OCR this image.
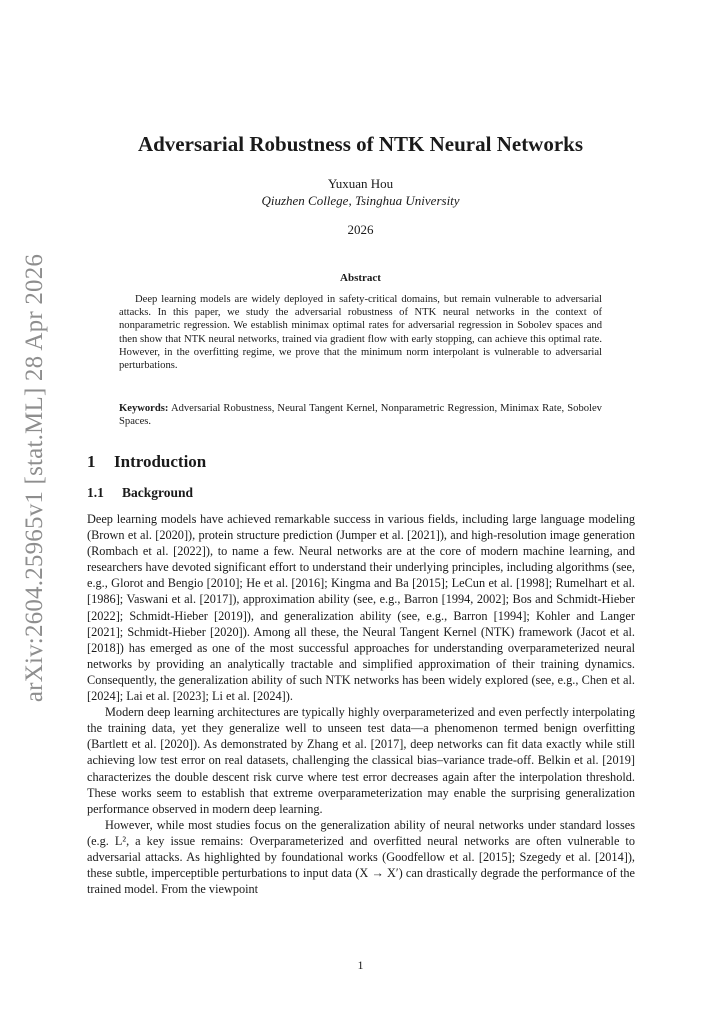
arXiv:2604.25965v1 [stat.ML] 28 Apr 2026
Adversarial Robustness of NTK Neural Networks
Yuxuan Hou
Qiuzhen College, Tsinghua University
2026
Abstract
Deep learning models are widely deployed in safety-critical domains, but remain vulnerable to adversarial attacks. In this paper, we study the adversarial robustness of NTK neural networks in the context of nonparametric regression. We establish minimax optimal rates for adversarial regression in Sobolev spaces and then show that NTK neural networks, trained via gradient flow with early stopping, can achieve this optimal rate. However, in the overfitting regime, we prove that the minimum norm interpolant is vulnerable to adversarial perturbations.
Keywords: Adversarial Robustness, Neural Tangent Kernel, Nonparametric Regression, Minimax Rate, Sobolev Spaces.
1 Introduction
1.1 Background

Deep learning models have achieved remarkable success in various fields, including large language modeling (Brown et al. [2020]), protein structure prediction (Jumper et al. [2021]), and high-resolution image generation (Rombach et al. [2022]), to name a few. Neural networks are at the core of modern machine learning, and researchers have devoted significant effort to understand their underlying principles, including algorithms (see, e.g., Glorot and Bengio [2010]; He et al. [2016]; Kingma and Ba [2015]; LeCun et al. [1998]; Rumelhart et al. [1986]; Vaswani et al. [2017]), approximation ability (see, e.g., Barron [1994, 2002]; Bos and Schmidt-Hieber [2022]; Schmidt-Hieber [2019]), and generalization ability (see, e.g., Barron [1994]; Kohler and Langer [2021]; Schmidt-Hieber [2020]). Among all these, the Neural Tangent Kernel (NTK) framework (Jacot et al. [2018]) has emerged as one of the most successful approaches for understanding overparameterized neural networks by providing an analytically tractable and simplified approximation of their training dynamics. Consequently, the generalization ability of such NTK networks has been widely explored (see, e.g., Chen et al. [2024]; Lai et al. [2023]; Li et al. [2024]).

Modern deep learning architectures are typically highly overparameterized and even perfectly interpolating the training data, yet they generalize well to unseen test data—a phenomenon termed benign overfitting (Bartlett et al. [2020]). As demonstrated by Zhang et al. [2017], deep networks can fit data exactly while still achieving low test error on real datasets, challenging the classical bias–variance trade-off. Belkin et al. [2019] characterizes the double descent risk curve where test error decreases again after the interpolation threshold. These works seem to establish that extreme overparameterization may enable the surprising generalization performance observed in modern deep learning.

However, while most studies focus on the generalization ability of neural networks under standard losses (e.g. L², a key issue remains: Overparameterized and overfitted neural networks are often vulnerable to adversarial attacks. As highlighted by foundational works (Goodfellow et al. [2015]; Szegedy et al. [2014]), these subtle, imperceptible perturbations to input data (X → X′) can drastically degrade the performance of the trained model. From the viewpoint

1
